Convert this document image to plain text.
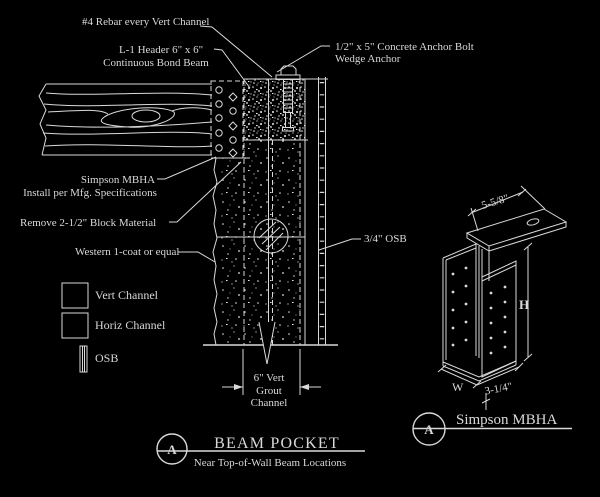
#4 Rebar every Vert Channel
L-1 Header 6" x 6"
Continuous Bond Beam
1/2" x 5" Concrete Anchor Bolt
Wedge Anchor
Simpson MBHA
Install per Mfg. Specifications
Remove 2-1/2" Block Material
Western 1-coat or equal
3/4" OSB
Vert Channel
Horiz Channel
OSB
6" Vert
Grout
Channel
5-5/8"
H
W 3-1/4"
A BEAM POCKET
Near Top-of-Wall Beam Locations
A
Simpson MBHA
